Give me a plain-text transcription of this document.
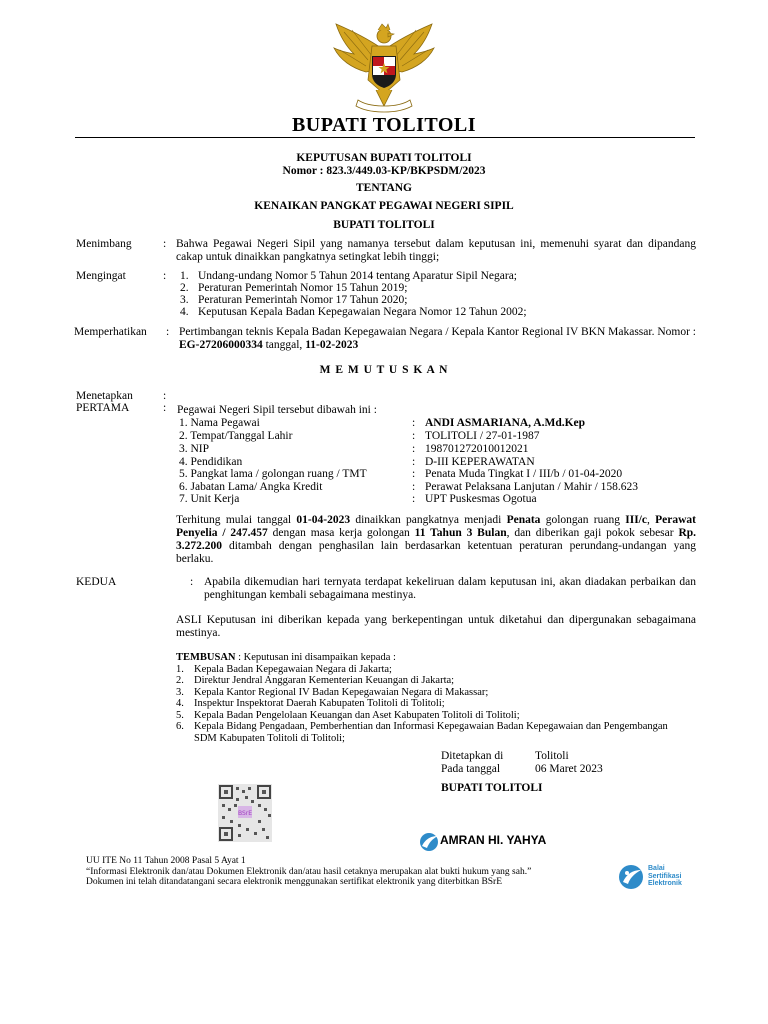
BUPATI TOLITOLI
KEPUTUSAN BUPATI TOLITOLI
Nomor : 823.3/449.03-KP/BKPSDM/2023
TENTANG
KENAIKAN PANGKAT PEGAWAI NEGERI SIPIL
BUPATI TOLITOLI
Menimbang	: Bahwa Pegawai Negeri Sipil yang namanya tersebut dalam keputusan ini, memenuhi syarat dan dipandang cakap untuk dinaikkan pangkatnya setingkat lebih tinggi;
Mengingat	: 1. Undang-undang Nomor 5 Tahun 2014 tentang Aparatur Sipil Negara;
2. Peraturan Pemerintah Nomor 15 Tahun 2019;
3. Peraturan Pemerintah Nomor 17 Tahun 2020;
4. Keputusan Kepala Badan Kepegawaian Negara Nomor 12 Tahun 2002;
Memperhatikan : Pertimbangan teknis Kepala Badan Kepegawaian Negara / Kepala Kantor Regional IV BKN Makassar. Nomor : EG-27206000334 tanggal, 11-02-2023
M E M U T U S K A N
Menetapkan	:
PERTAMA	: Pegawai Negeri Sipil tersebut dibawah ini :
1. Nama Pegawai	: ANDI ASMARIANA, A.Md.Kep
2. Tempat/Tanggal Lahir	: TOLITOLI / 27-01-1987
3. NIP	: 198701272010012021
4. Pendidikan	: D-III KEPERAWATAN
5. Pangkat lama / golongan ruang / TMT	: Penata Muda Tingkat I / III/b / 01-04-2020
6. Jabatan Lama/ Angka Kredit	: Perawat Pelaksana Lanjutan / Mahir / 158.623
7. Unit Kerja	: UPT Puskesmas Ogotua
Terhitung mulai tanggal 01-04-2023 dinaikkan pangkatnya menjadi Penata golongan ruang III/c, Perawat Penyelia / 247.457 dengan masa kerja golongan 11 Tahun 3 Bulan, dan diberikan gaji pokok sebesar Rp. 3.272.200 ditambah dengan penghasilan lain berdasarkan ketentuan peraturan perundang-undangan yang berlaku.
KEDUA	: Apabila dikemudian hari ternyata terdapat kekeliruan dalam keputusan ini, akan diadakan perbaikan dan penghitungan kembali sebagaimana mestinya.
ASLI Keputusan ini diberikan kepada yang berkepentingan untuk diketahui dan dipergunakan sebagaimana mestinya.
TEMBUSAN : Keputusan ini disampaikan kepada :
1. Kepala Badan Kepegawaian Negara di Jakarta;
2. Direktur Jendral Anggaran Kementerian Keuangan di Jakarta;
3. Kepala Kantor Regional IV Badan Kepegawaian Negara di Makassar;
4. Inspektur Inspektorat Daerah Kabupaten Tolitoli di Tolitoli;
5. Kepala Badan Pengelolaan Keuangan dan Aset Kabupaten Tolitoli di Tolitoli;
6. Kepala Bidang Pengadaan, Pemberhentian dan Informasi Kepegawaian Badan Kepegawaian dan Pengembangan SDM Kabupaten Tolitoli di Tolitoli;
Ditetapkan di	Tolitoli
Pada tanggal	06 Maret 2023
BUPATI TOLITOLI
BSrE
AMRAN HI. YAHYA
UU ITE No 11 Tahun 2008 Pasal 5 Ayat 1
“Informasi Elektronik dan/atau Dokumen Elektronik dan/atau hasil cetaknya merupakan alat bukti hukum yang sah.”
Dokumen ini telah ditandatangani secara elektronik menggunakan sertifikat elektronik yang diterbitkan BSrE
Balai
Sertifikasi
Elektronik
